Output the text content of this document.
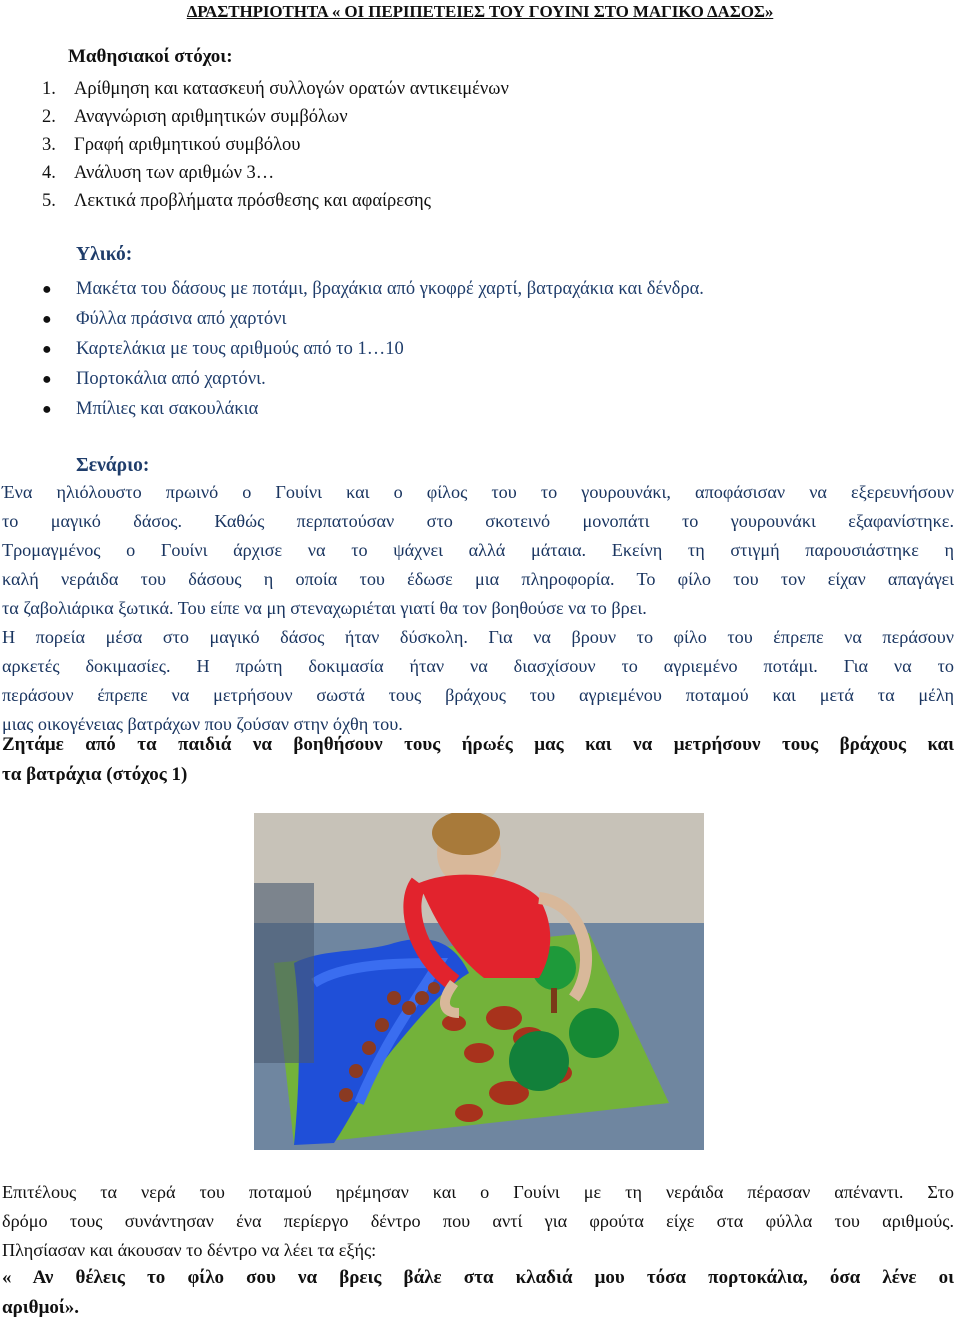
ΔΡΑΣΤΗΡΙΟΤΗΤΑ « ΟΙ ΠΕΡΙΠΕΤΕΙΕΣ ΤΟΥ ΓΟΥΙΝΙ ΣΤΟ ΜΑΓΙΚΟ ΔΑΣΟΣ»
Μαθησιακοί στόχοι:
1. Αρίθμηση και κατασκευή συλλογών ορατών αντικειμένων
2. Αναγνώριση αριθμητικών συμβόλων
3. Γραφή αριθμητικού συμβόλου
4. Ανάλυση των αριθμών 3…
5. Λεκτικά προβλήματα πρόσθεσης και αφαίρεσης
Υλικό:
● Μακέτα του δάσους με ποτάμι, βραχάκια από γκοφρέ χαρτί, βατραχάκια και δένδρα.
● Φύλλα πράσινα από χαρτόνι
● Καρτελάκια με τους αριθμούς από το 1…10
● Πορτοκάλια από χαρτόνι.
● Μπίλιες και σακουλάκια
Σενάριο:
Ένα ηλιόλουστο πρωινό ο Γουίνι και ο φίλος του το γουρουνάκι, αποφάσισαν να εξερευνήσουν
το μαγικό δάσος. Καθώς περπατούσαν στο σκοτεινό μονοπάτι το γουρουνάκι εξαφανίστηκε.
Τρομαγμένος ο Γουίνι άρχισε να το ψάχνει αλλά μάταια. Εκείνη τη στιγμή παρουσιάστηκε η
καλή νεράιδα του δάσους η οποία του έδωσε μια πληροφορία. Το φίλο του τον είχαν απαγάγει
τα ζαβολιάρικα ξωτικά. Του είπε να μη στεναχωριέται γιατί θα τον βοηθούσε να το βρει.
Η πορεία μέσα στο μαγικό δάσος ήταν δύσκολη. Για να βρουν το φίλο του έπρεπε να περάσουν
αρκετές δοκιμασίες. Η πρώτη δοκιμασία ήταν να διασχίσουν το αγριεμένο ποτάμι. Για να το
περάσουν έπρεπε να μετρήσουν σωστά τους βράχους του αγριεμένου ποταμού και μετά τα μέλη
μιας οικογένειας βατράχων που ζούσαν στην όχθη του.
Ζητάμε από τα παιδιά να βοηθήσουν τους ήρωές μας και να μετρήσουν τους βράχους και
τα βατράχια (στόχος 1)
Επιτέλους τα νερά του ποταμού ηρέμησαν και ο Γουίνι με τη νεράιδα πέρασαν απέναντι. Στο
δρόμο τους συνάντησαν ένα περίεργο δέντρο που αντί για φρούτα είχε στα φύλλα του αριθμούς.
Πλησίασαν και άκουσαν το δέντρο να λέει τα εξής:
« Αν θέλεις το φίλο σου να βρεις βάλε στα κλαδιά μου τόσα πορτοκάλια, όσα λένε οι
αριθμοί».
